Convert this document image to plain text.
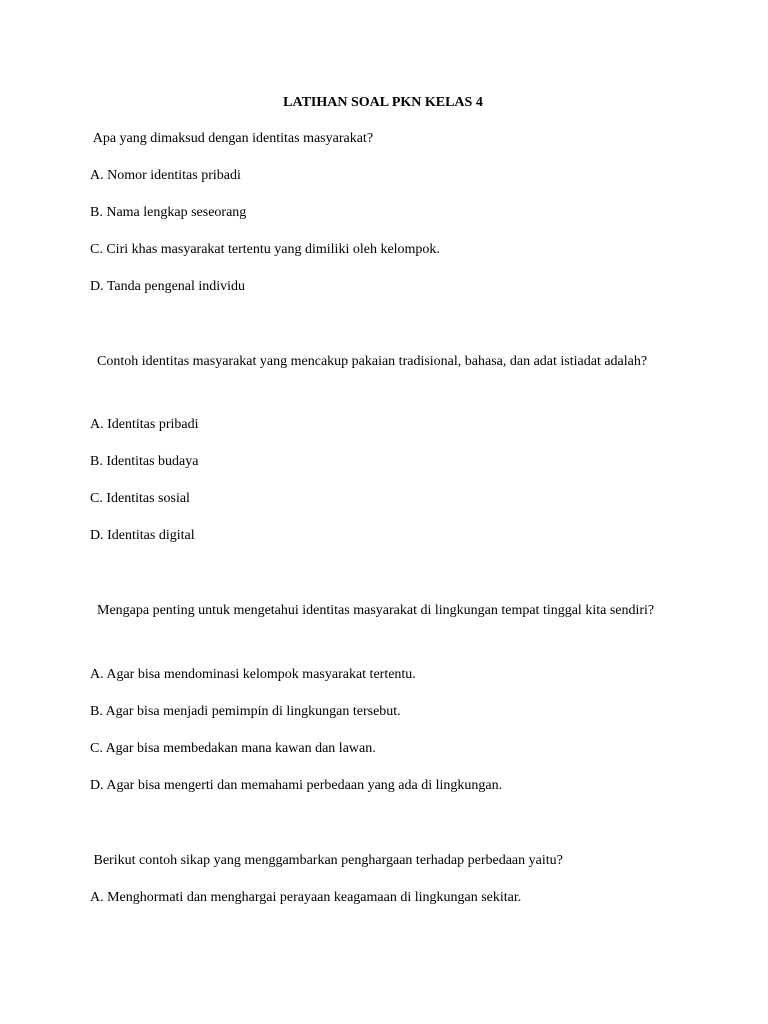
LATIHAN SOAL PKN KELAS 4
Apa yang dimaksud dengan identitas masyarakat?
A. Nomor identitas pribadi
B. Nama lengkap seseorang
C. Ciri khas masyarakat tertentu yang dimiliki oleh kelompok.
D. Tanda pengenal individu
Contoh identitas masyarakat yang mencakup pakaian tradisional, bahasa, dan adat istiadat adalah?
A. Identitas pribadi
B. Identitas budaya
C. Identitas sosial
D. Identitas digital
Mengapa penting untuk mengetahui identitas masyarakat di lingkungan tempat tinggal kita sendiri?
A. Agar bisa mendominasi kelompok masyarakat tertentu.
B. Agar bisa menjadi pemimpin di lingkungan tersebut.
C. Agar bisa membedakan mana kawan dan lawan.
D. Agar bisa mengerti dan memahami perbedaan yang ada di lingkungan.
Berikut contoh sikap yang menggambarkan penghargaan terhadap perbedaan yaitu?
A. Menghormati dan menghargai perayaan keagamaan di lingkungan sekitar.
